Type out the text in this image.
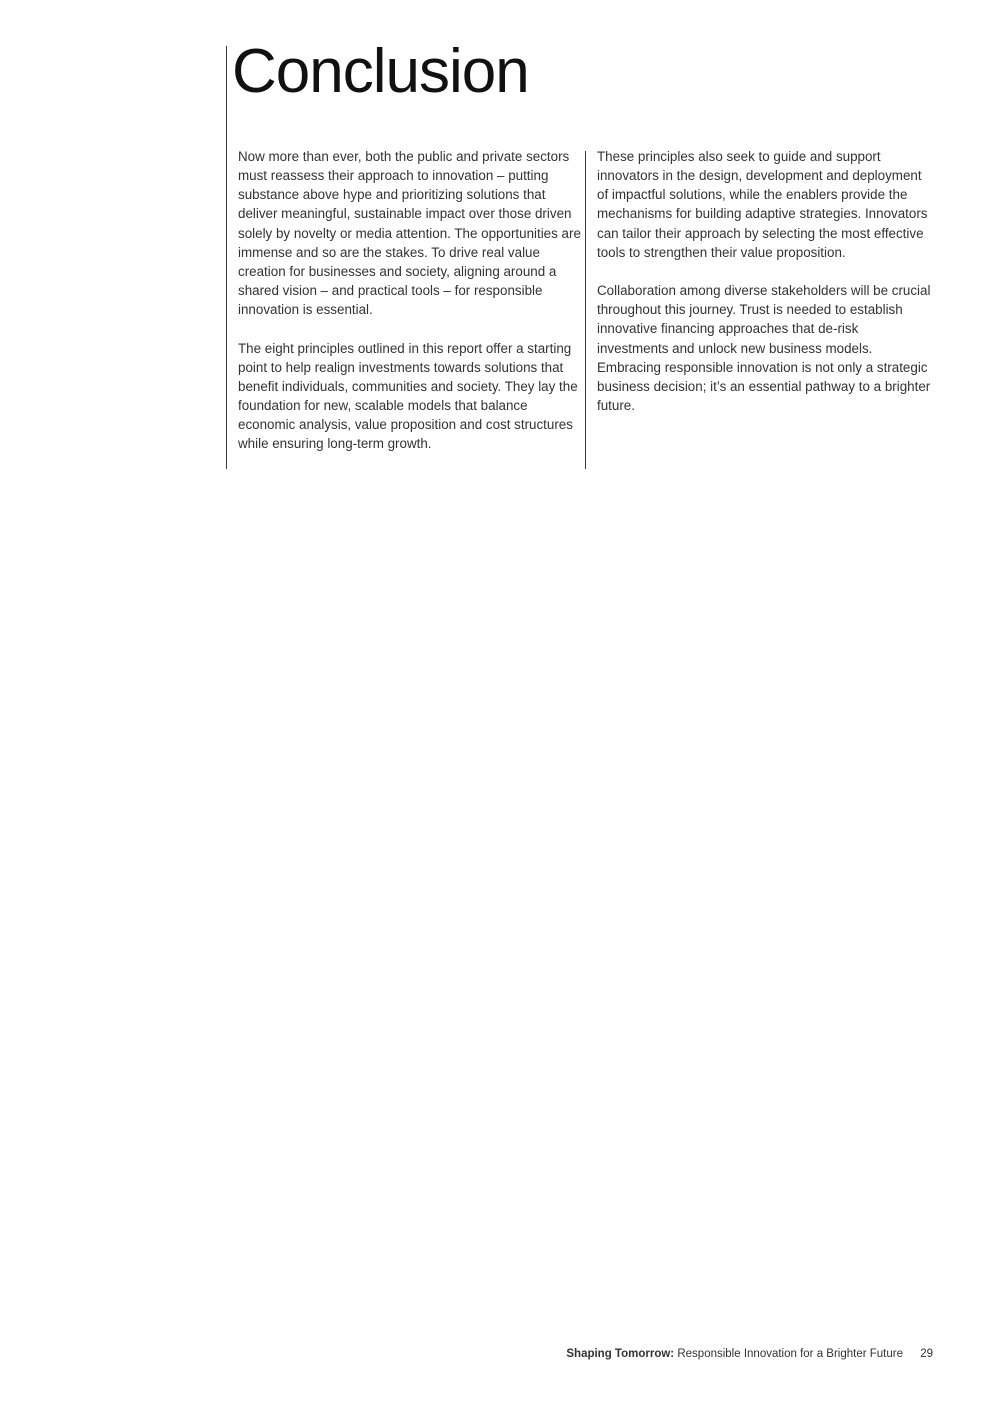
Conclusion

Now more than ever, both the public and private sectors must reassess their approach to innovation – putting substance above hype and prioritizing solutions that deliver meaningful, sustainable impact over those driven solely by novelty or media attention. The opportunities are immense and so are the stakes. To drive real value creation for businesses and society, aligning around a shared vision – and practical tools – for responsible innovation is essential.

The eight principles outlined in this report offer a starting point to help realign investments towards solutions that benefit individuals, communities and society. They lay the foundation for new, scalable models that balance economic analysis, value proposition and cost structures while ensuring long-term growth.

These principles also seek to guide and support innovators in the design, development and deployment of impactful solutions, while the enablers provide the mechanisms for building adaptive strategies. Innovators can tailor their approach by selecting the most effective tools to strengthen their value proposition.

Collaboration among diverse stakeholders will be crucial throughout this journey. Trust is needed to establish innovative financing approaches that de-risk investments and unlock new business models. Embracing responsible innovation is not only a strategic business decision; it’s an essential pathway to a brighter future.

Shaping Tomorrow: Responsible Innovation for a Brighter Future 29
